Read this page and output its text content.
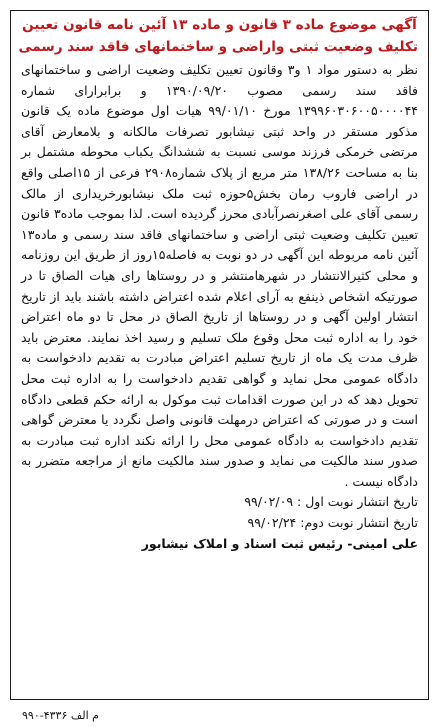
آگهی موضوع ماده ۳ قانون و ماده ۱۳ آئین نامه قانون تعیین
تکلیف وضعیت ثبتی واراضی و ساختمانهای فاقد سند رسمی

نظر به دستور مواد ۱ و۳ وقانون تعیین تکلیف وضعیت اراضی و ساختمانهای فاقد سند رسمی مصوب ۱۳۹۰/۰۹/۲۰ و برابرارای شماره ۱۳۹۹۶۰۳۰۶۰۰۵۰۰۰۰۴۴ مورخ ۹۹/۰۱/۱۰ هیات اول موضوع ماده یک قانون مذکور مستقر در واحد ثبتی نیشابور تصرفات مالکانه و بلامعارض آقای مرتضی خرمکی فرزند موسی نسبت به ششدانگ یکباب محوطه مشتمل بر بنا به مساحت ۱۳۸/۲۶ متر مربع از پلاک شماره۲۹۰۸ فرعی از ۱۵اصلی واقع در اراضی فاروب رمان بخش۵حوزه ثبت ملک نیشابورخریداری از مالک رسمی آقای علی اصغرنصرآبادی محرز گردیده است. لذا بموجب ماده۳ قانون تعیین تکلیف وضعیت ثبتی اراضی و ساختمانهای فاقد سند رسمی و ماده۱۳ آئین نامه مربوطه این آگهی در دو نوبت به فاصله۱۵روز از طریق این روزنامه و محلی کثیرالانتشار در شهرهامنتشر و در روستاها رای هیات الصاق تا در صورتیکه اشخاص ذینفع به آرای اعلام شده اعتراض داشته باشند باید از تاریخ انتشار اولین آگهی و در روستاها از تاریخ الصاق در محل تا دو ماه اعتراض خود را به اداره ثبت محل وقوع ملک تسلیم و رسید اخذ نمایند. معترض باید ظرف مدت یک ماه از تاریخ تسلیم اعتراض مبادرت به تقدیم دادخواست به دادگاه عمومی محل نماید و گواهی تقدیم دادخواست را به اداره ثبت محل تحویل دهد که در این صورت اقدامات ثبت موکول به ارائه حکم قطعی دادگاه است و در صورتی که اعتراض درمهلت قانونی واصل نگردد یا معترض گواهی تقدیم دادخواست به دادگاه عمومی محل را ارائه نکند اداره ثبت مبادرت به صدور سند مالکیت می نماید و صدور سند مالکیت مانع از مراجعه متضرر به دادگاه نیست .

تاریخ انتشار نوبت اول : ۹۹/۰۲/۰۹
تاریخ انتشار نوبت دوم: ۹۹/۰۲/۲۴
علی امینی- رئیس ثبت اسناد و املاک نیشابور
م الف ۴۳۳۶-۹۹۰
